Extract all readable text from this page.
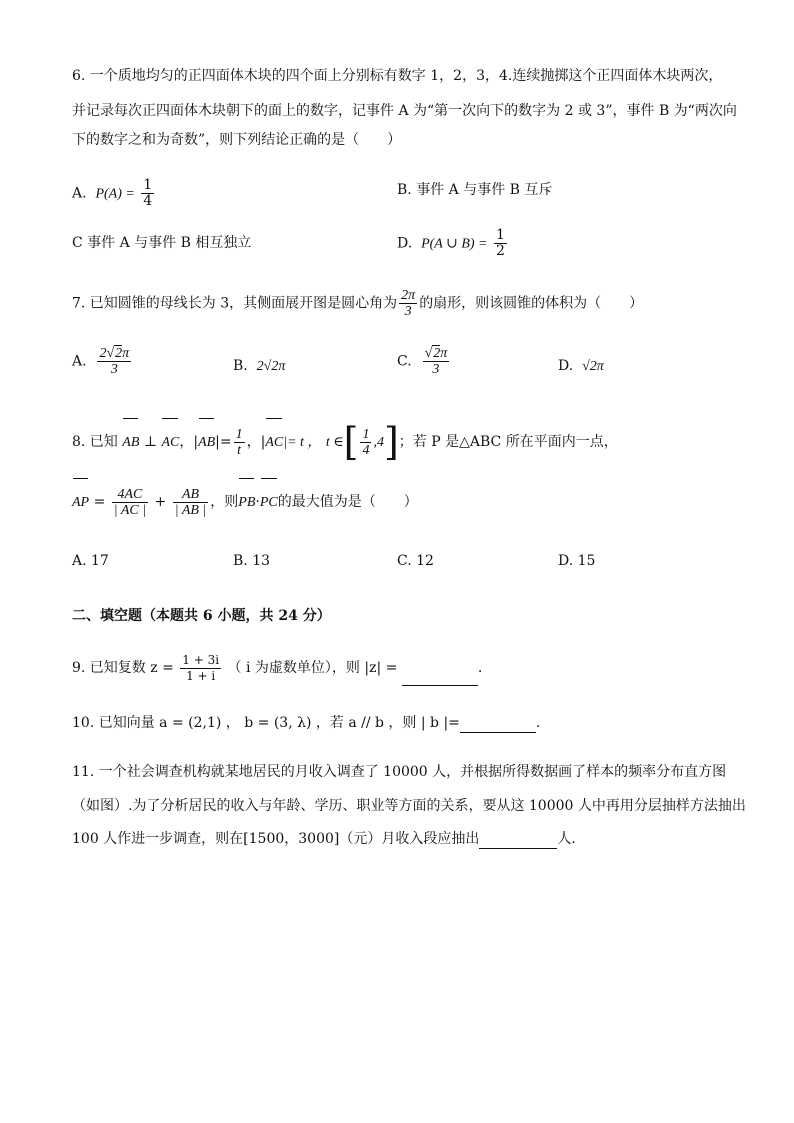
6. 一个质地均匀的正四面体木块的四个面上分别标有数字 1，2，3，4.连续抛掷这个正四面体木块两次，
并记录每次正四面体木块朝下的面上的数字，记事件 A 为“第一次向下的数字为 2 或 3”，事件 B 为“两次向
下的数字之和为奇数”，则下列结论正确的是（　　）
A. $P(A) = \frac{1}{4}$	B. 事件 A 与事件 B 互斥
C 事件 A 与事件 B 相互独立	D. P(A ∪ $B) = \frac{1}{2}$
7. 已知圆锥的母线长为 3，其侧面展开图是圆心角为 $\frac{2\pi}{3}$ 的扇形，则该圆锥的体积为（　　）
A. $\frac{2√2\pi}{3}$	B. 2√2π	C. $\frac{√2\pi}{3}$	D. √2π
8. 已知 AB ⊥ AC，$|AB|= \frac{1}{t}$ ，|AC|= t ， t ∈[ $\frac{1}{4} ,4$]；若 P 是△ABC 所在平面内一点，
AP = $\frac{4AC}{| AC |} + \frac{AB}{| AB |}$ ，则PB·PC的最大值为是（　　）
A. 17	B. 13	C. 12	D. 15
二、填空题（本题共 6 小题，共 24 分）
9. 已知复数 $z = \frac{1 + 3i}{1 + i}$ （ i 为虚数单位），则 |z| =	.
10. 已知向量 a = (2,1) ， b = (3, λ) ，若 a // b ，则 | b |=	.
11. 一个社会调查机构就某地居民的月收入调查了 10000 人，并根据所得数据画了样本的频率分布直方图
（如图）.为了分析居民的收入与年龄、学历、职业等方面的关系，要从这 10000 人中再用分层抽样方法抽出
100 人作进一步调查，则在[1500，3000]（元）月收入段应抽出	人.
